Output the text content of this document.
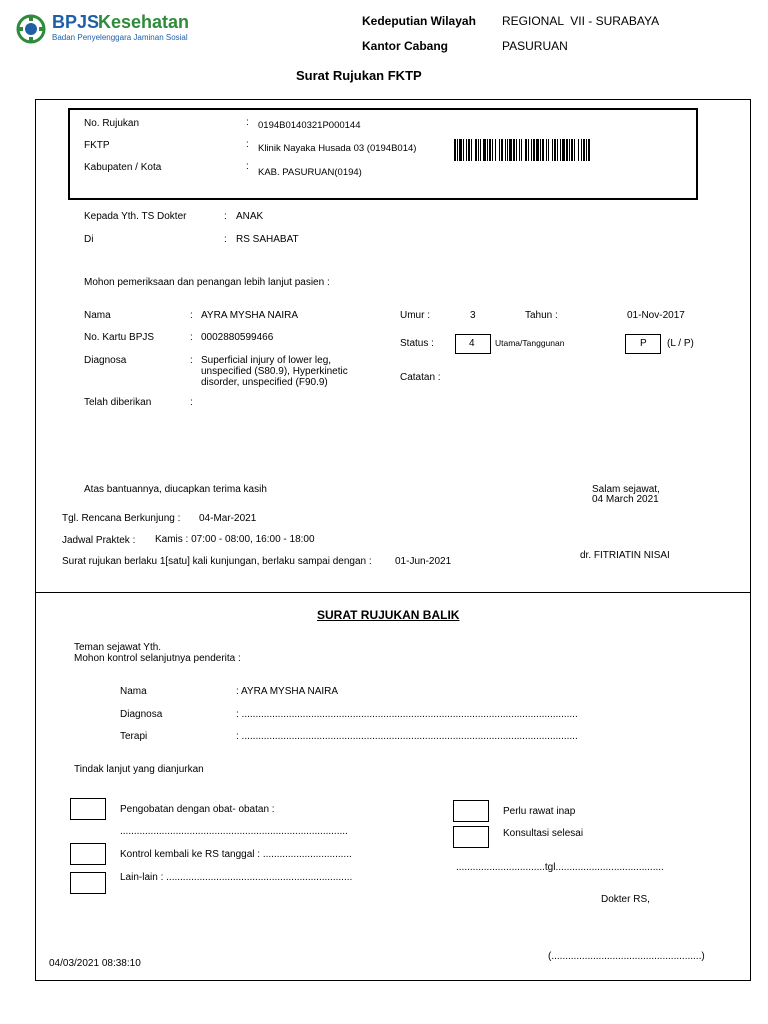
BPJS
Kesehatan
Badan Penyelenggara Jaminan Sosial
Kedeputian Wilayah REGIONAL  VII - SURABAYA
Kantor Cabang	PASURUAN
Surat Rujukan FKTP
No. Rujukan	: 0194B0140321P000144
FKTP	: Klinik Nayaka Husada 03 (0194B014)
Kabupaten / Kota	:
KAB. PASURUAN(0194)
Kepada Yth. TS Dokter	: ANAK
Di	: RS SAHABAT
Mohon pemeriksaan dan penangan lebih lanjut pasien :
Nama	: AYRA MYSHA NAIRA
No. Kartu BPJS	: 0002880599466
Diagnosa	: Superficial injury of lower leg,
unspecified (S80.9), Hyperkinetic
disorder, unspecified (F90.9)
Telah diberikan	:
Umur :	3	Tahun :	01-Nov-2017
Status :	4 Utama/Tanggunan	P (L / P)
Catatan :
Atas bantuannya, diucapkan terima kasih	Salam sejawat,
04 March 2021
Tgl. Rencana Berkunjung : 04-Mar-2021
Jadwal Praktek : Kamis : 07:00 - 08:00, 16:00 - 18:00
Surat rujukan berlaku 1[satu] kali kunjungan, berlaku sampai dengan : 01-Jun-2021
dr. FITRIATIN NISAI
SURAT RUJUKAN BALIK
Teman sejawat Yth.
Mohon kontrol selanjutnya penderita :
Nama	: AYRA MYSHA NAIRA
Diagnosa	: .........................................................................................................................
Terapi	: .........................................................................................................................
Tindak lanjut yang dianjurkan
Pengobatan dengan obat- obatan :
..................................................................................
Kontrol kembali ke RS tanggal : ................................
Lain-lain : ...................................................................
Perlu rawat inap
Konsultasi selesai
................................tgl.......................................
Dokter RS,
(......................................................)
04/03/2021 08:38:10
